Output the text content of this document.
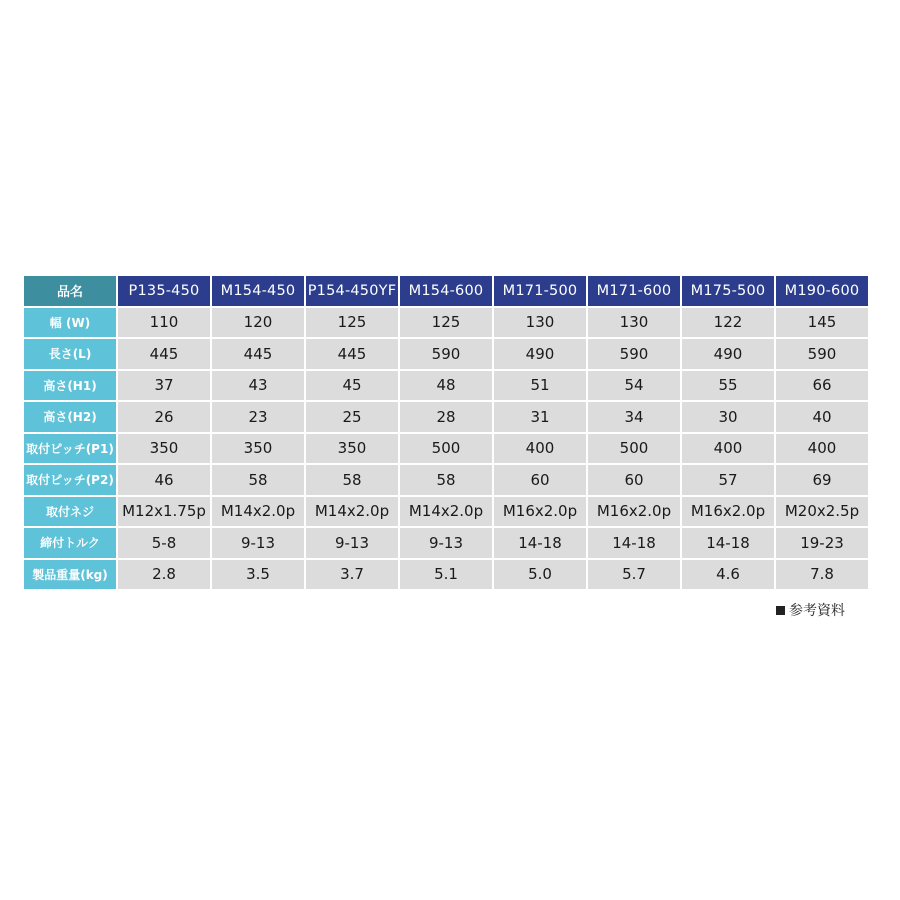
品名	P135-450	M154-450	P154-450YF	M154-600	M171-500	M171-600	M175-500	M190-600
幅 (W)	110	120	125	125	130	130	122	145
長さ(L)	445	445	445	590	490	590	490	590
高さ(H1)	37	43	45	48	51	54	55	66
高さ(H2)	26	23	25	28	31	34	30	40
取付ピッチ(P1)	350	350	350	500	400	500	400	400
取付ピッチ(P2)	46	58	58	58	60	60	57	69
取付ネジ	M12x1.75p	M14x2.0p	M14x2.0p	M14x2.0p	M16x2.0p	M16x2.0p	M16x2.0p	M20x2.5p
締付トルク	5-8	9-13	9-13	9-13	14-18	14-18	14-18	19-23
製品重量(kg)	2.8	3.5	3.7	5.1	5.0	5.7	4.6	7.8
参考資料
